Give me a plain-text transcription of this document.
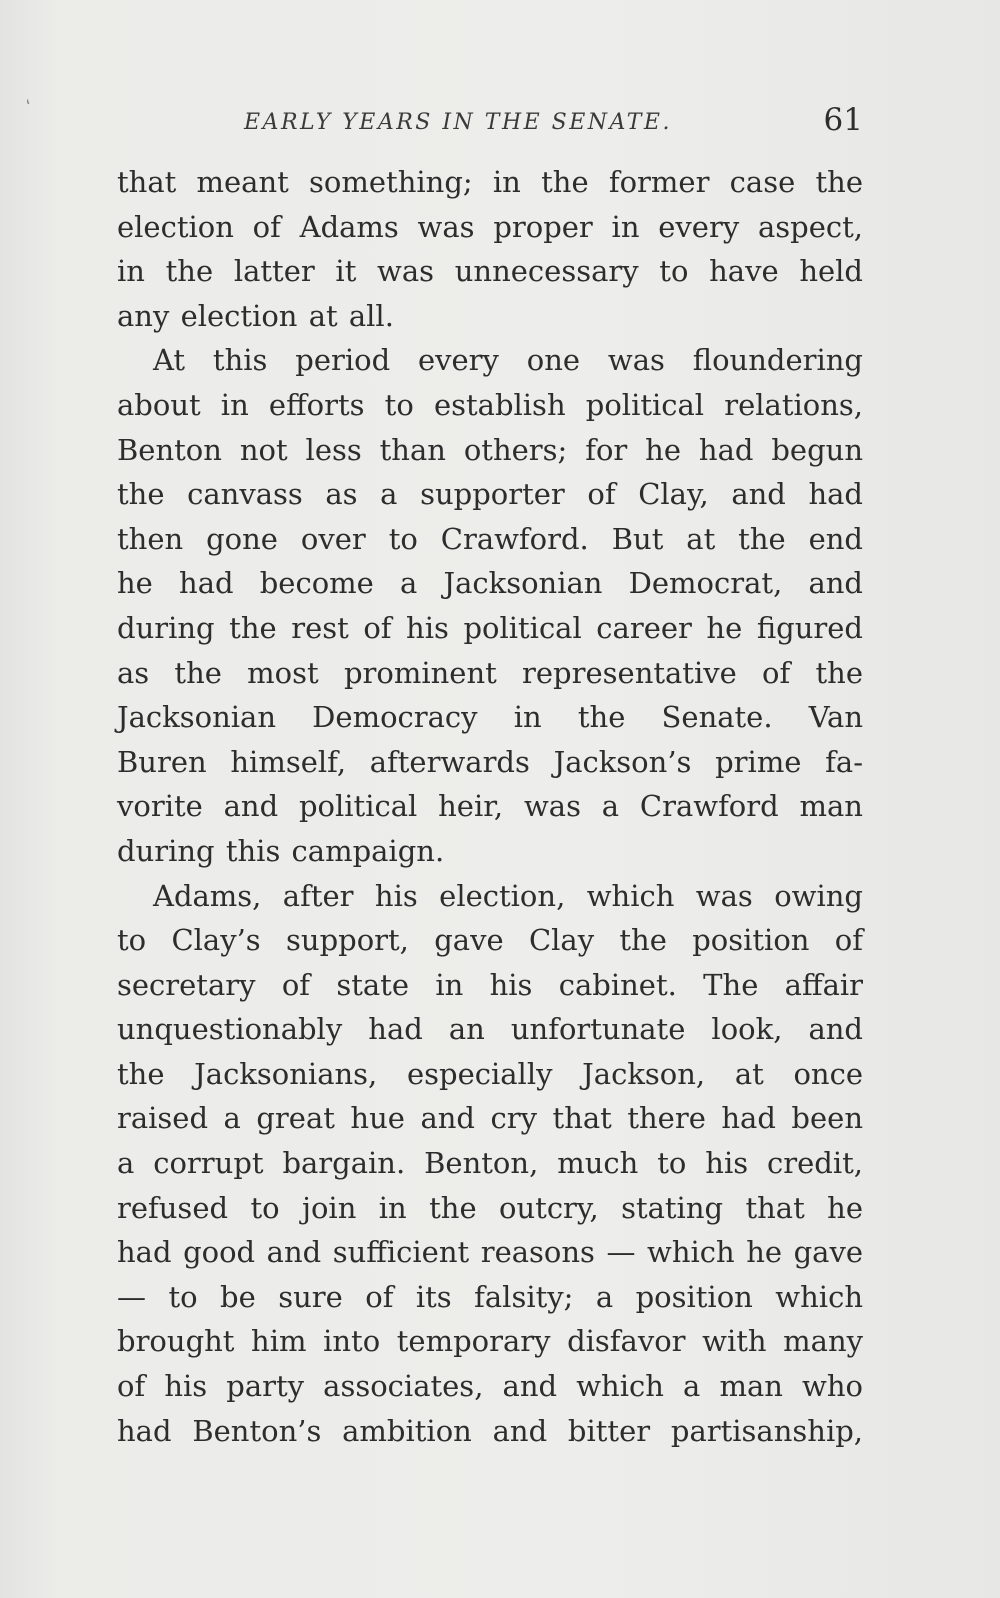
‘
EARLY YEARS IN THE SENATE.	61
that meant something; in the former case the
election of Adams was proper in every aspect,
in the latter it was unnecessary to have held
any election at all.
At this period every one was floundering
about in efforts to establish political relations,
Benton not less than others; for he had begun
the canvass as a supporter of Clay, and had
then gone over to Crawford. But at the end
he had become a Jacksonian Democrat, and
during the rest of his political career he figured
as the most prominent representative of the
Jacksonian Democracy in the Senate. Van
Buren himself, afterwards Jackson’s prime fa-
vorite and political heir, was a Crawford man
during this campaign.
Adams, after his election, which was owing
to Clay’s support, gave Clay the position of
secretary of state in his cabinet. The affair
unquestionably had an unfortunate look, and
the Jacksonians, especially Jackson, at once
raised a great hue and cry that there had been
a corrupt bargain. Benton, much to his credit,
refused to join in the outcry, stating that he
had good and sufficient reasons — which he gave
— to be sure of its falsity; a position which
brought him into temporary disfavor with many
of his party associates, and which a man who
had Benton’s ambition and bitter partisanship,
